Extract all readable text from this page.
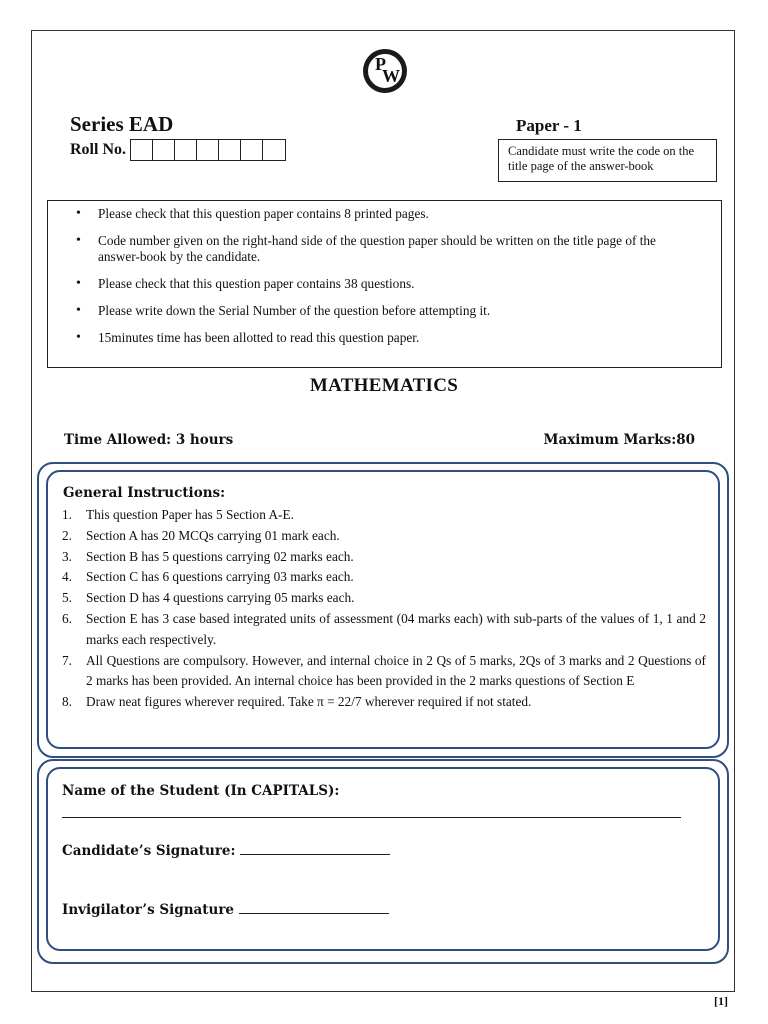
P
W
Series EAD
Roll No.
Paper - 1
Candidate must write the code on the title page of the answer-book
• Please check that this question paper contains 8 printed pages.
• Code number given on the right-hand side of the question paper should be written on the title page of the answer-book by the candidate.
• Please check that this question paper contains 38 questions.
• Please write down the Serial Number of the question before attempting it.
• 15minutes time has been allotted to read this question paper.
MATHEMATICS
Time Allowed: 3 hours	Maximum Marks:80
General Instructions:
1.	This question Paper has 5 Section A-E.
2.	Section A has 20 MCQs carrying 01 mark each.
3.	Section B has 5 questions carrying 02 marks each.
4.	Section C has 6 questions carrying 03 marks each.
5.	Section D has 4 questions carrying 05 marks each.
6.	Section E has 3 case based integrated units of assessment (04 marks each) with sub-parts of the values of 1, 1 and 2 marks each respectively.
7.	All Questions are compulsory. However, and internal choice in 2 Qs of 5 marks, 2Qs of 3 marks and 2 Questions of 2 marks has been provided. An internal choice has been provided in the 2 marks questions of Section E
8.	Draw neat figures wherever required. Take π = 22/7 wherever required if not stated.
Name of the Student (In CAPITALS):
Candidate’s Signature:
Invigilator’s Signature
[1]
